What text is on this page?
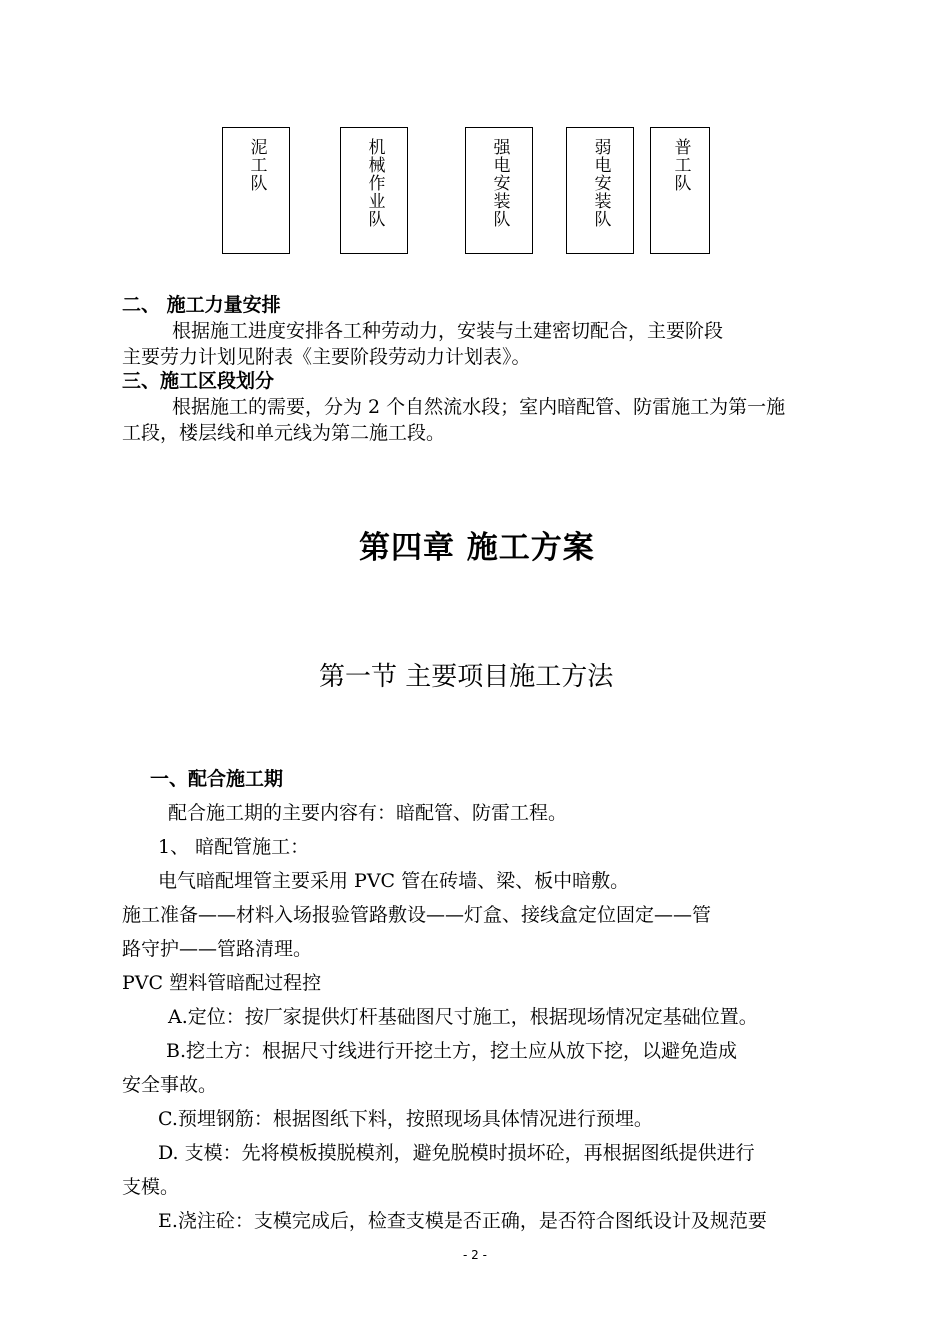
泥工队	机械作业队	强电安装队	弱电安装队	普工队
二、 施工力量安排
根据施工进度安排各工种劳动力，安装与土建密切配合，主要阶段
主要劳力计划见附表《主要阶段劳动力计划表》。
三、施工区段划分
根据施工的需要，分为 2 个自然流水段；室内暗配管、防雷施工为第一施
工段，楼层线和单元线为第二施工段。
第四章 施工方案
第一节 主要项目施工方法
一、配合施工期
配合施工期的主要内容有：暗配管、防雷工程。
1、 暗配管施工：
电气暗配埋管主要采用 PVC 管在砖墙、梁、板中暗敷。
施工准备——材料入场报验管路敷设——灯盒、接线盒定位固定——管
路守护——管路清理。
PVC 塑料管暗配过程控
A.定位：按厂家提供灯杆基础图尺寸施工，根据现场情况定基础位置。
B.挖土方：根据尺寸线进行开挖土方，挖土应从放下挖，以避免造成
安全事故。
C.预埋钢筋：根据图纸下料，按照现场具体情况进行预埋。
D. 支模：先将模板摸脱模剂，避免脱模时损坏砼，再根据图纸提供进行
支模。
E.浇注砼：支模完成后，检查支模是否正确，是否符合图纸设计及规范要
- 2 -
